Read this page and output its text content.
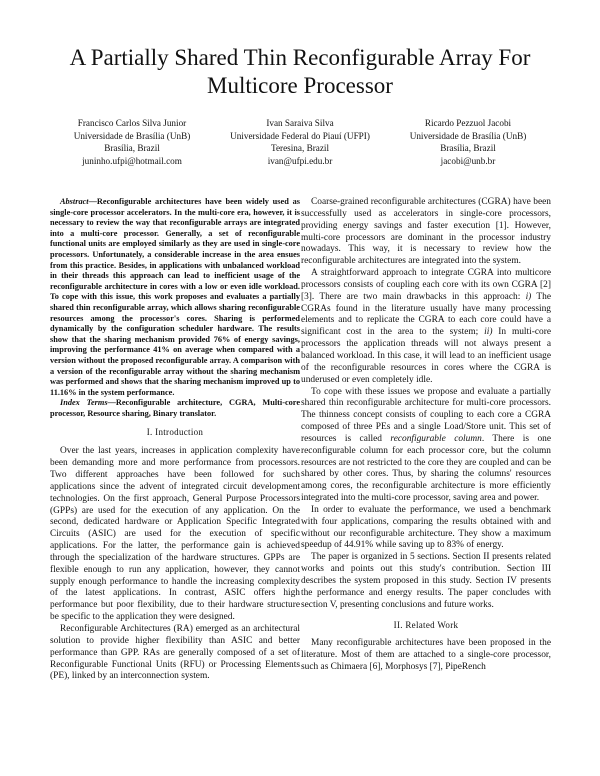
A Partially Shared Thin Reconfigurable Array For Multicore Processor
Francisco Carlos Silva Junior
Universidade de Brasília (UnB)
Brasília, Brazil
juninho.ufpi@hotmail.com
Ivan Saraiva Silva
Universidade Federal do Piauí (UFPI)
Teresina, Brazil
ivan@ufpi.edu.br
Ricardo Pezzuol Jacobi
Universidade de Brasília (UnB)
Brasília, Brazil
jacobi@unb.br

Abstract—Reconfigurable architectures have been widely used as single-core processor accelerators. In the multi-core era, however, it is necessary to review the way that reconfigurable arrays are integrated into a multi-core processor. Generally, a set of reconfigurable functional units are employed similarly as they are used in single-core processors. Unfortunately, a considerable increase in the area ensues from this practice. Besides, in applications with unbalanced workload in their threads this approach can lead to inefficient usage of the reconfigurable architecture in cores with a low or even idle workload. To cope with this issue, this work proposes and evaluates a partially shared thin reconfigurable array, which allows sharing reconfigurable resources among the processor's cores. Sharing is performed dynamically by the configuration scheduler hardware. The results show that the sharing mechanism provided 76% of energy savings, improving the performance 41% on average when compared with a version without the proposed reconfigurable array. A comparison with a version of the reconfigurable array without the sharing mechanism was performed and shows that the sharing mechanism improved up to 11.16% in the system performance.

Index Terms—Reconfigurable architecture, CGRA, Multi-core processor, Resource sharing, Binary translator.

I. Introduction

Over the last years, increases in application complexity have been demanding more and more performance from processors. Two different approaches have been followed for such applications since the advent of integrated circuit development technologies. On the first approach, General Purpose Processors (GPPs) are used for the execution of any application. On the second, dedicated hardware or Application Specific Integrated Circuits (ASIC) are used for the execution of specific applications. For the latter, the performance gain is achieved through the specialization of the hardware structures. GPPs are flexible enough to run any application, however, they cannot supply enough performance to handle the increasing complexity of the latest applications. In contrast, ASIC offers high performance but poor flexibility, due to their hardware structure be specific to the application they were designed.

Reconfigurable Architectures (RA) emerged as an architectural solution to provide higher flexibility than ASIC and better performance than GPP. RAs are generally composed of a set of Reconfigurable Functional Units (RFU) or Processing Elements (PE), linked by an interconnection system.

Coarse-grained reconfigurable architectures (CGRA) have been successfully used as accelerators in single-core processors, providing energy savings and faster execution [1]. However, multi-core processors are dominant in the processor industry nowadays. This way, it is necessary to review how the reconfigurable architectures are integrated into the system.

A straightforward approach to integrate CGRA into multicore processors consists of coupling each core with its own CGRA [2][3]. There are two main drawbacks in this approach: i) The CGRAs found in the literature usually have many processing elements and to replicate the CGRA to each core could have a significant cost in the area to the system; ii) In multi-core processors the application threads will not always present a balanced workload. In this case, it will lead to an inefficient usage of the reconfigurable resources in cores where the CGRA is underused or even completely idle.

To cope with these issues we propose and evaluate a partially shared thin reconfigurable architecture for multi-core processors. The thinness concept consists of coupling to each core a CGRA composed of three PEs and a single Load/Store unit. This set of resources is called reconfigurable column. There is one reconfigurable column for each processor core, but the column resources are not restricted to the core they are coupled and can be shared by other cores. Thus, by sharing the columns' resources among cores, the reconfigurable architecture is more efficiently integrated into the multi-core processor, saving area and power.

In order to evaluate the performance, we used a benchmark with four applications, comparing the results obtained with and without our reconfigurable architecture. They show a maximum speedup of 44.91% while saving up to 83% of energy.

The paper is organized in 5 sections. Section II presents related works and points out this study's contribution. Section III describes the system proposed in this study. Section IV presents the performance and energy results. The paper concludes with section V, presenting conclusions and future works.

II. Related Work

Many reconfigurable architectures have been proposed in the literature. Most of them are attached to a single-core processor, such as Chimaera [6], Morphosys [7], PipeRench
